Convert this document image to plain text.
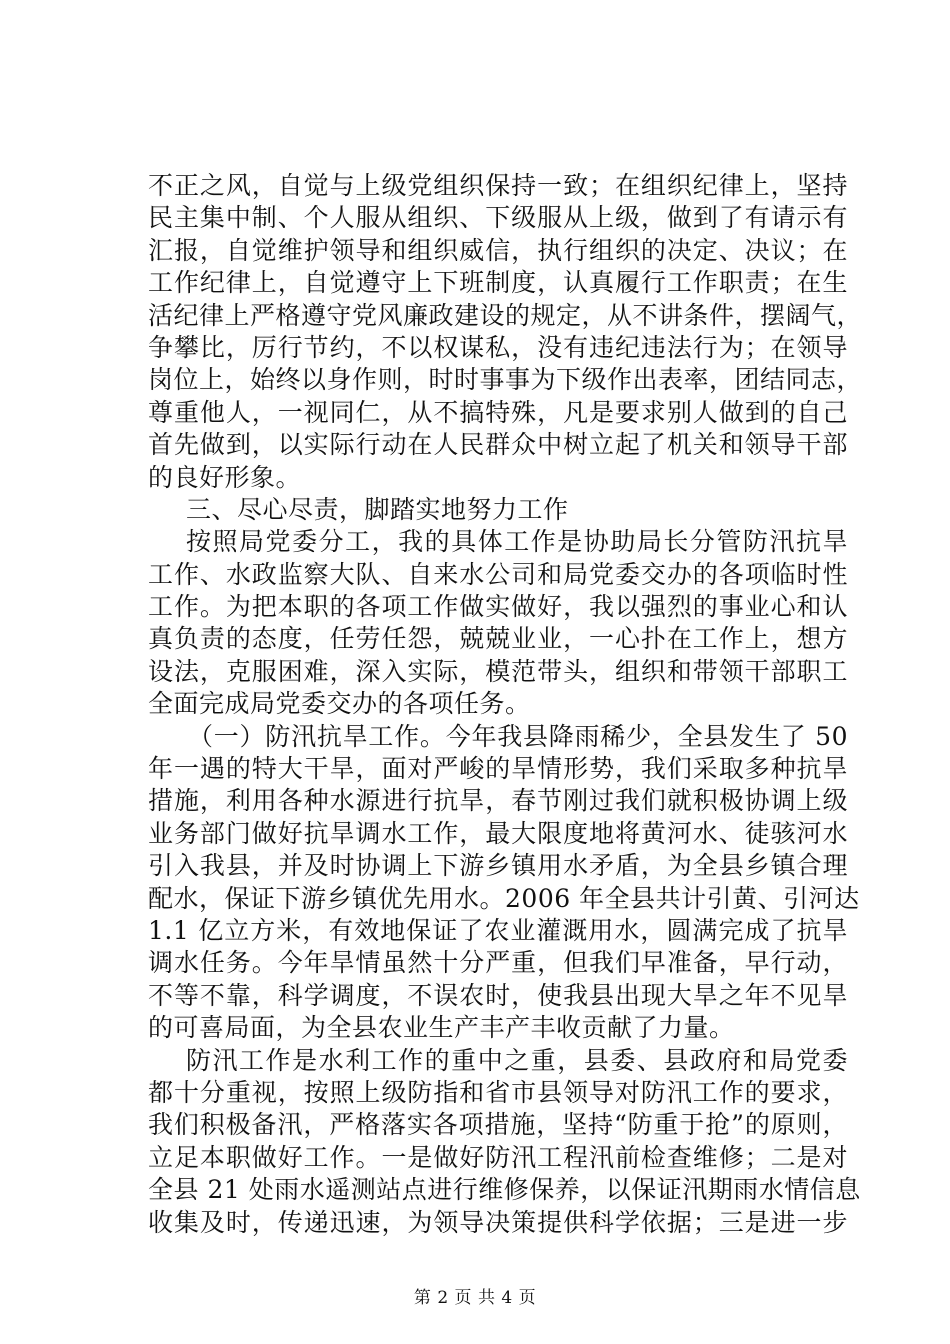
不正之风，自觉与上级党组织保持一致；在组织纪律上，坚持
民主集中制、个人服从组织、下级服从上级，做到了有请示有
汇报，自觉维护领导和组织威信，执行组织的决定、决议；在
工作纪律上，自觉遵守上下班制度，认真履行工作职责；在生
活纪律上严格遵守党风廉政建设的规定，从不讲条件，摆阔气，
争攀比，厉行节约，不以权谋私，没有违纪违法行为；在领导
岗位上，始终以身作则，时时事事为下级作出表率，团结同志，
尊重他人，一视同仁，从不搞特殊，凡是要求别人做到的自己
首先做到，以实际行动在人民群众中树立起了机关和领导干部
的良好形象。
三、尽心尽责，脚踏实地努力工作
按照局党委分工，我的具体工作是协助局长分管防汛抗旱
工作、水政监察大队、自来水公司和局党委交办的各项临时性
工作。为把本职的各项工作做实做好，我以强烈的事业心和认
真负责的态度，任劳任怨，兢兢业业，一心扑在工作上，想方
设法，克服困难，深入实际，模范带头，组织和带领干部职工
全面完成局党委交办的各项任务。
（一）防汛抗旱工作。今年我县降雨稀少，全县发生了 50
年一遇的特大干旱，面对严峻的旱情形势，我们采取多种抗旱
措施，利用各种水源进行抗旱，春节刚过我们就积极协调上级
业务部门做好抗旱调水工作，最大限度地将黄河水、徒骇河水
引入我县，并及时协调上下游乡镇用水矛盾，为全县乡镇合理
配水，保证下游乡镇优先用水。2006 年全县共计引黄、引河达
1.1 亿立方米，有效地保证了农业灌溉用水，圆满完成了抗旱
调水任务。今年旱情虽然十分严重，但我们早准备，早行动，
不等不靠，科学调度，不误农时，使我县出现大旱之年不见旱
的可喜局面，为全县农业生产丰产丰收贡献了力量。
防汛工作是水利工作的重中之重，县委、县政府和局党委
都十分重视，按照上级防指和省市县领导对防汛工作的要求，
我们积极备汛，严格落实各项措施，坚持“防重于抢”的原则，
立足本职做好工作。一是做好防汛工程汛前检查维修；二是对
全县 21 处雨水遥测站点进行维修保养，以保证汛期雨水情信息
收集及时，传递迅速，为领导决策提供科学依据；三是进一步
第 2 页 共 4 页
